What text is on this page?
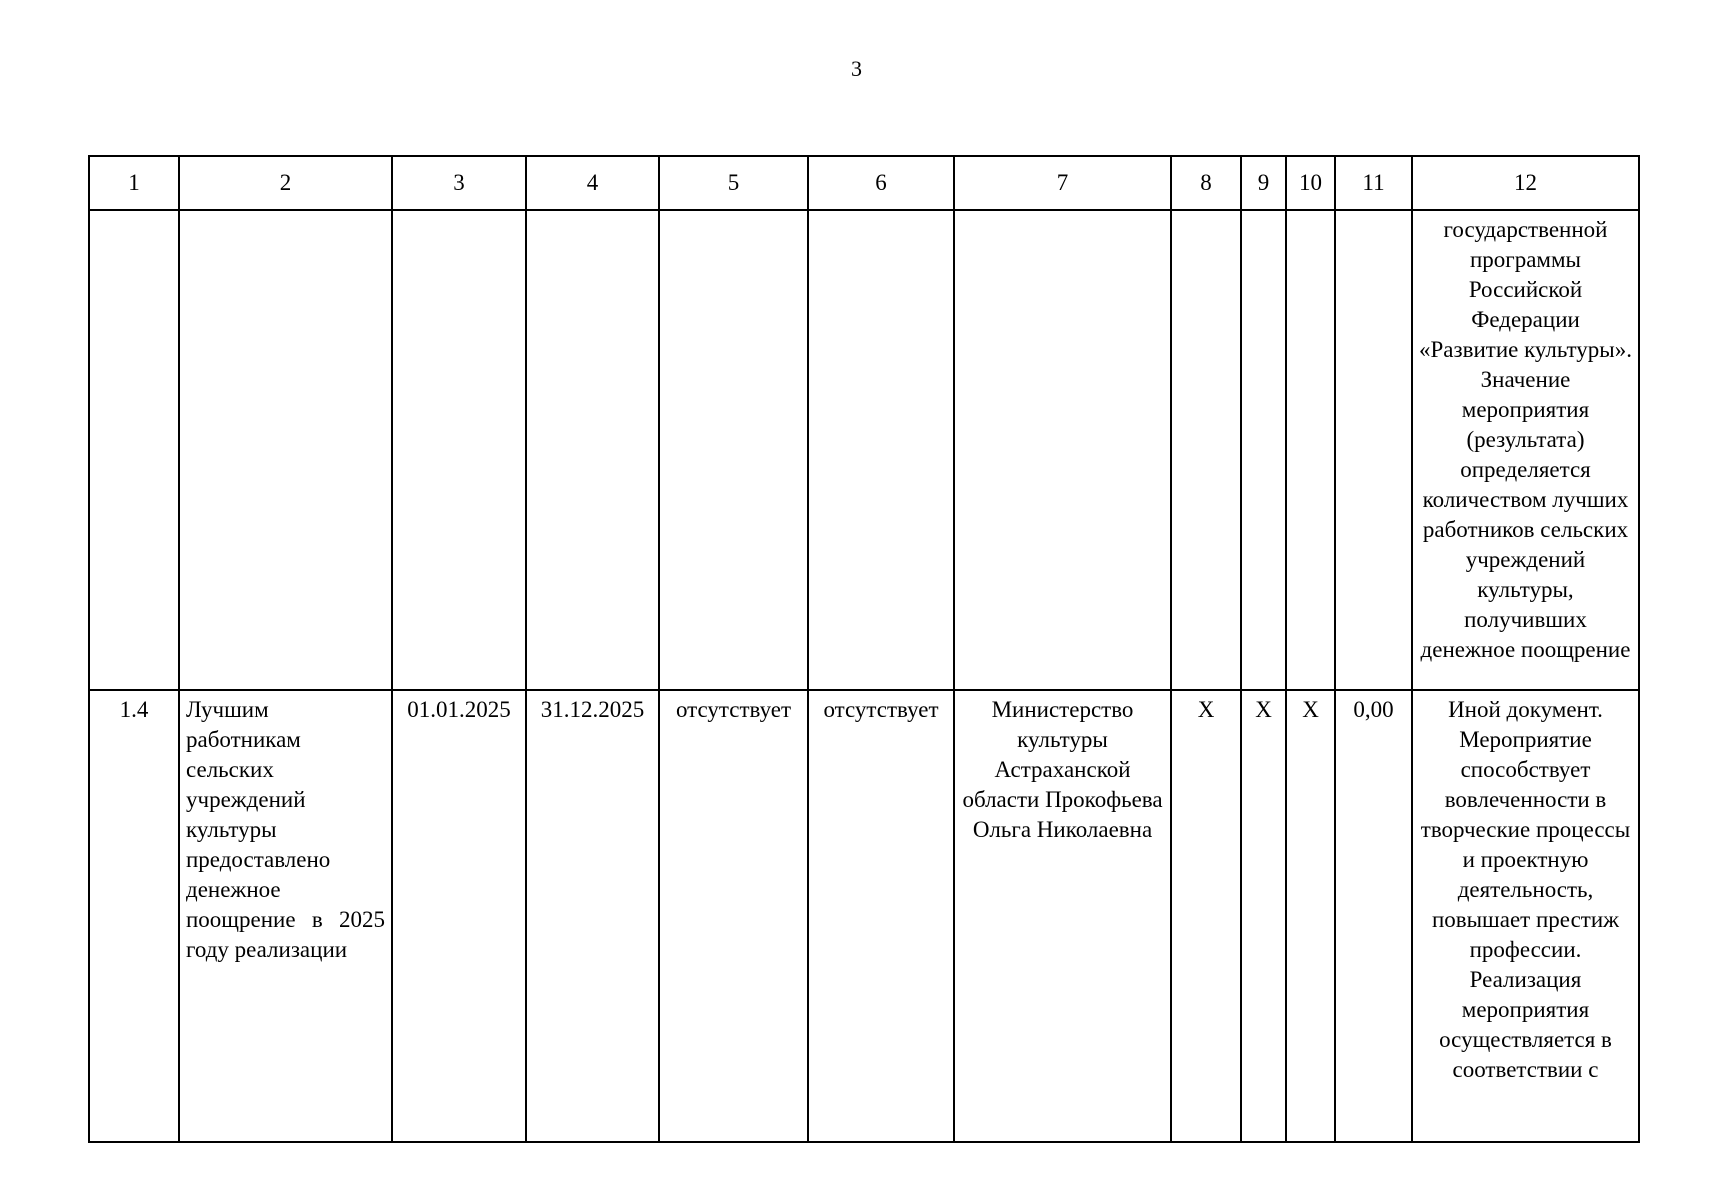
3
1	2	3	4	5	6	7	8	9	10	11	12
											государственной программы Российской Федерации «Развитие культуры». Значение мероприятия (результата) определяется количеством лучших работников сельских учреждений культуры, получивших денежное поощрение
1.4	Лучшим работникам сельских учреждений культуры предоставлено денежное поощрение в 2025 году реализации	01.01.2025	31.12.2025	отсутствует	отсутствует	Министерство культуры Астраханской области Прокофьева Ольга Николаевна	Х	Х	Х	0,00	Иной документ. Мероприятие способствует вовлеченности в творческие процессы и проектную деятельность, повышает престиж профессии. Реализация мероприятия осуществляется в соответствии с
